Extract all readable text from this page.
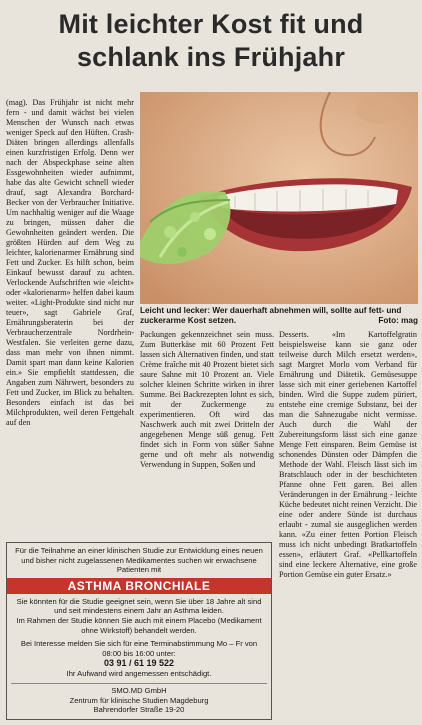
Mit leichter Kost fit und
schlank ins Frühjahr

Leicht und lecker: Wer dauerhaft abnehmen will, sollte auf fett- und zuckerarme Kost setzen.	Foto: mag

(mag). Das Frühjahr ist nicht mehr fern - und damit wächst bei vielen Menschen der Wunsch nach etwas weniger Speck auf den Hüften. Crash-Diäten bringen allerdings allenfalls einen kurzfristigen Erfolg. Denn wer nach der Abspeckphase seine alten Essgewohnheiten wieder aufnimmt, habe das alte Gewicht schnell wieder drauf, sagt Alexandra Borchard-Becker von der Verbraucher Initiative. Um nachhaltig weniger auf die Waage zu bringen, müssen daher die Gewohnheiten geändert werden. Die größten Hürden auf dem Weg zu leichter, kalorienarmer Ernährung sind Fett und Zucker. Es hilft schon, beim Einkauf bewusst darauf zu achten. Verlockende Aufschriften wie «leicht» oder «kalorienarm» helfen dabei kaum weiter. «Light-Produkte sind nicht nur teuer», sagt Gabriele Graf, Ernährungsberaterin bei der Verbraucherzentrale Nordrhein-Westfalen. Sie verleiten gerne dazu, dass man mehr von ihnen nimmt. Damit spart man dann keine Kalorien ein.» Sie empfiehlt stattdessen, die Angaben zum Nährwert, besonders zu Fett und Zucker, im Blick zu behalten. Besonders einfach ist das bei Milchprodukten, weil deren Fettgehalt auf den

Packungen gekennzeichnet sein muss. Zum Butterkäse mit 60 Prozent Fett lassen sich Alternativen finden, und statt Crème fraîche mit 40 Prozent bietet sich saure Sahne mit 10 Prozent an. Viele solcher kleinen Schritte wirken in ihrer Summe. Bei Backrezepten lohnt es sich, mit der Zuckermenge zu experimentieren. Oft wird das Naschwerk auch mit zwei Dritteln der angegebenen Menge süß genug. Fett findet sich in Form von süßer Sahne gerne und oft mehr als notwendig Verwendung in Suppen, Soßen und

Desserts. «Im Kartoffelgratin beispielsweise kann sie ganz oder teilweise durch Milch ersetzt werden», sagt Margret Morlo vom Verband für Ernährung und Diätetik. Gemüsesuppe lasse sich mit einer geriebenen Kartoffel binden. Wird die Suppe zudem püriert, entstehe eine cremige Substanz, bei der man die Sahnezugabe nicht vermisse. Auch durch die Wahl der Zubereitungsform lässt sich eine ganze Menge Fett einsparen. Beim Gemüse ist schonendes Dünsten oder Dämpfen die Methode der Wahl. Fleisch lässt sich im Bratschlauch oder in der beschichteten Pfanne ohne Fett garen. Bei allen Veränderungen in der Ernährung - leichte Küche bedeutet nicht reinen Verzicht. Die eine oder andere Sünde ist durchaus erlaubt - zumal sie ausgeglichen werden kann. «Zu einer fetten Portion Fleisch muss ich nicht unbedingt Bratkartoffeln essen», erläutert Graf. «Pellkartoffeln sind eine leckere Alternative, eine große Portion Gemüse ein guter Ersatz.»

Für die Teilnahme an einer klinischen Studie zur Entwicklung eines neuen und bisher nicht zugelassenen Medikamentes suchen wir erwachsene Patienten mit

ASTHMA BRONCHIALE

Sie könnten für die Studie geeignet sein, wenn Sie über 18 Jahre alt sind und seit mindestens einem Jahr an Asthma leiden.

Im Rahmen der Studie können Sie auch mit einem Placebo (Medikament ohne Wirkstoff) behandelt werden.

Bei Interesse melden Sie sich für eine Terminabstimmung Mo – Fr von 08:00 bis 16:00 unter:

03 91 / 61 19 522

Ihr Aufwand wird angemessen entschädigt.

SMO.MD GmbH

Zentrum für klinische Studien Magdeburg

Bahrendorfer Straße 19-20
